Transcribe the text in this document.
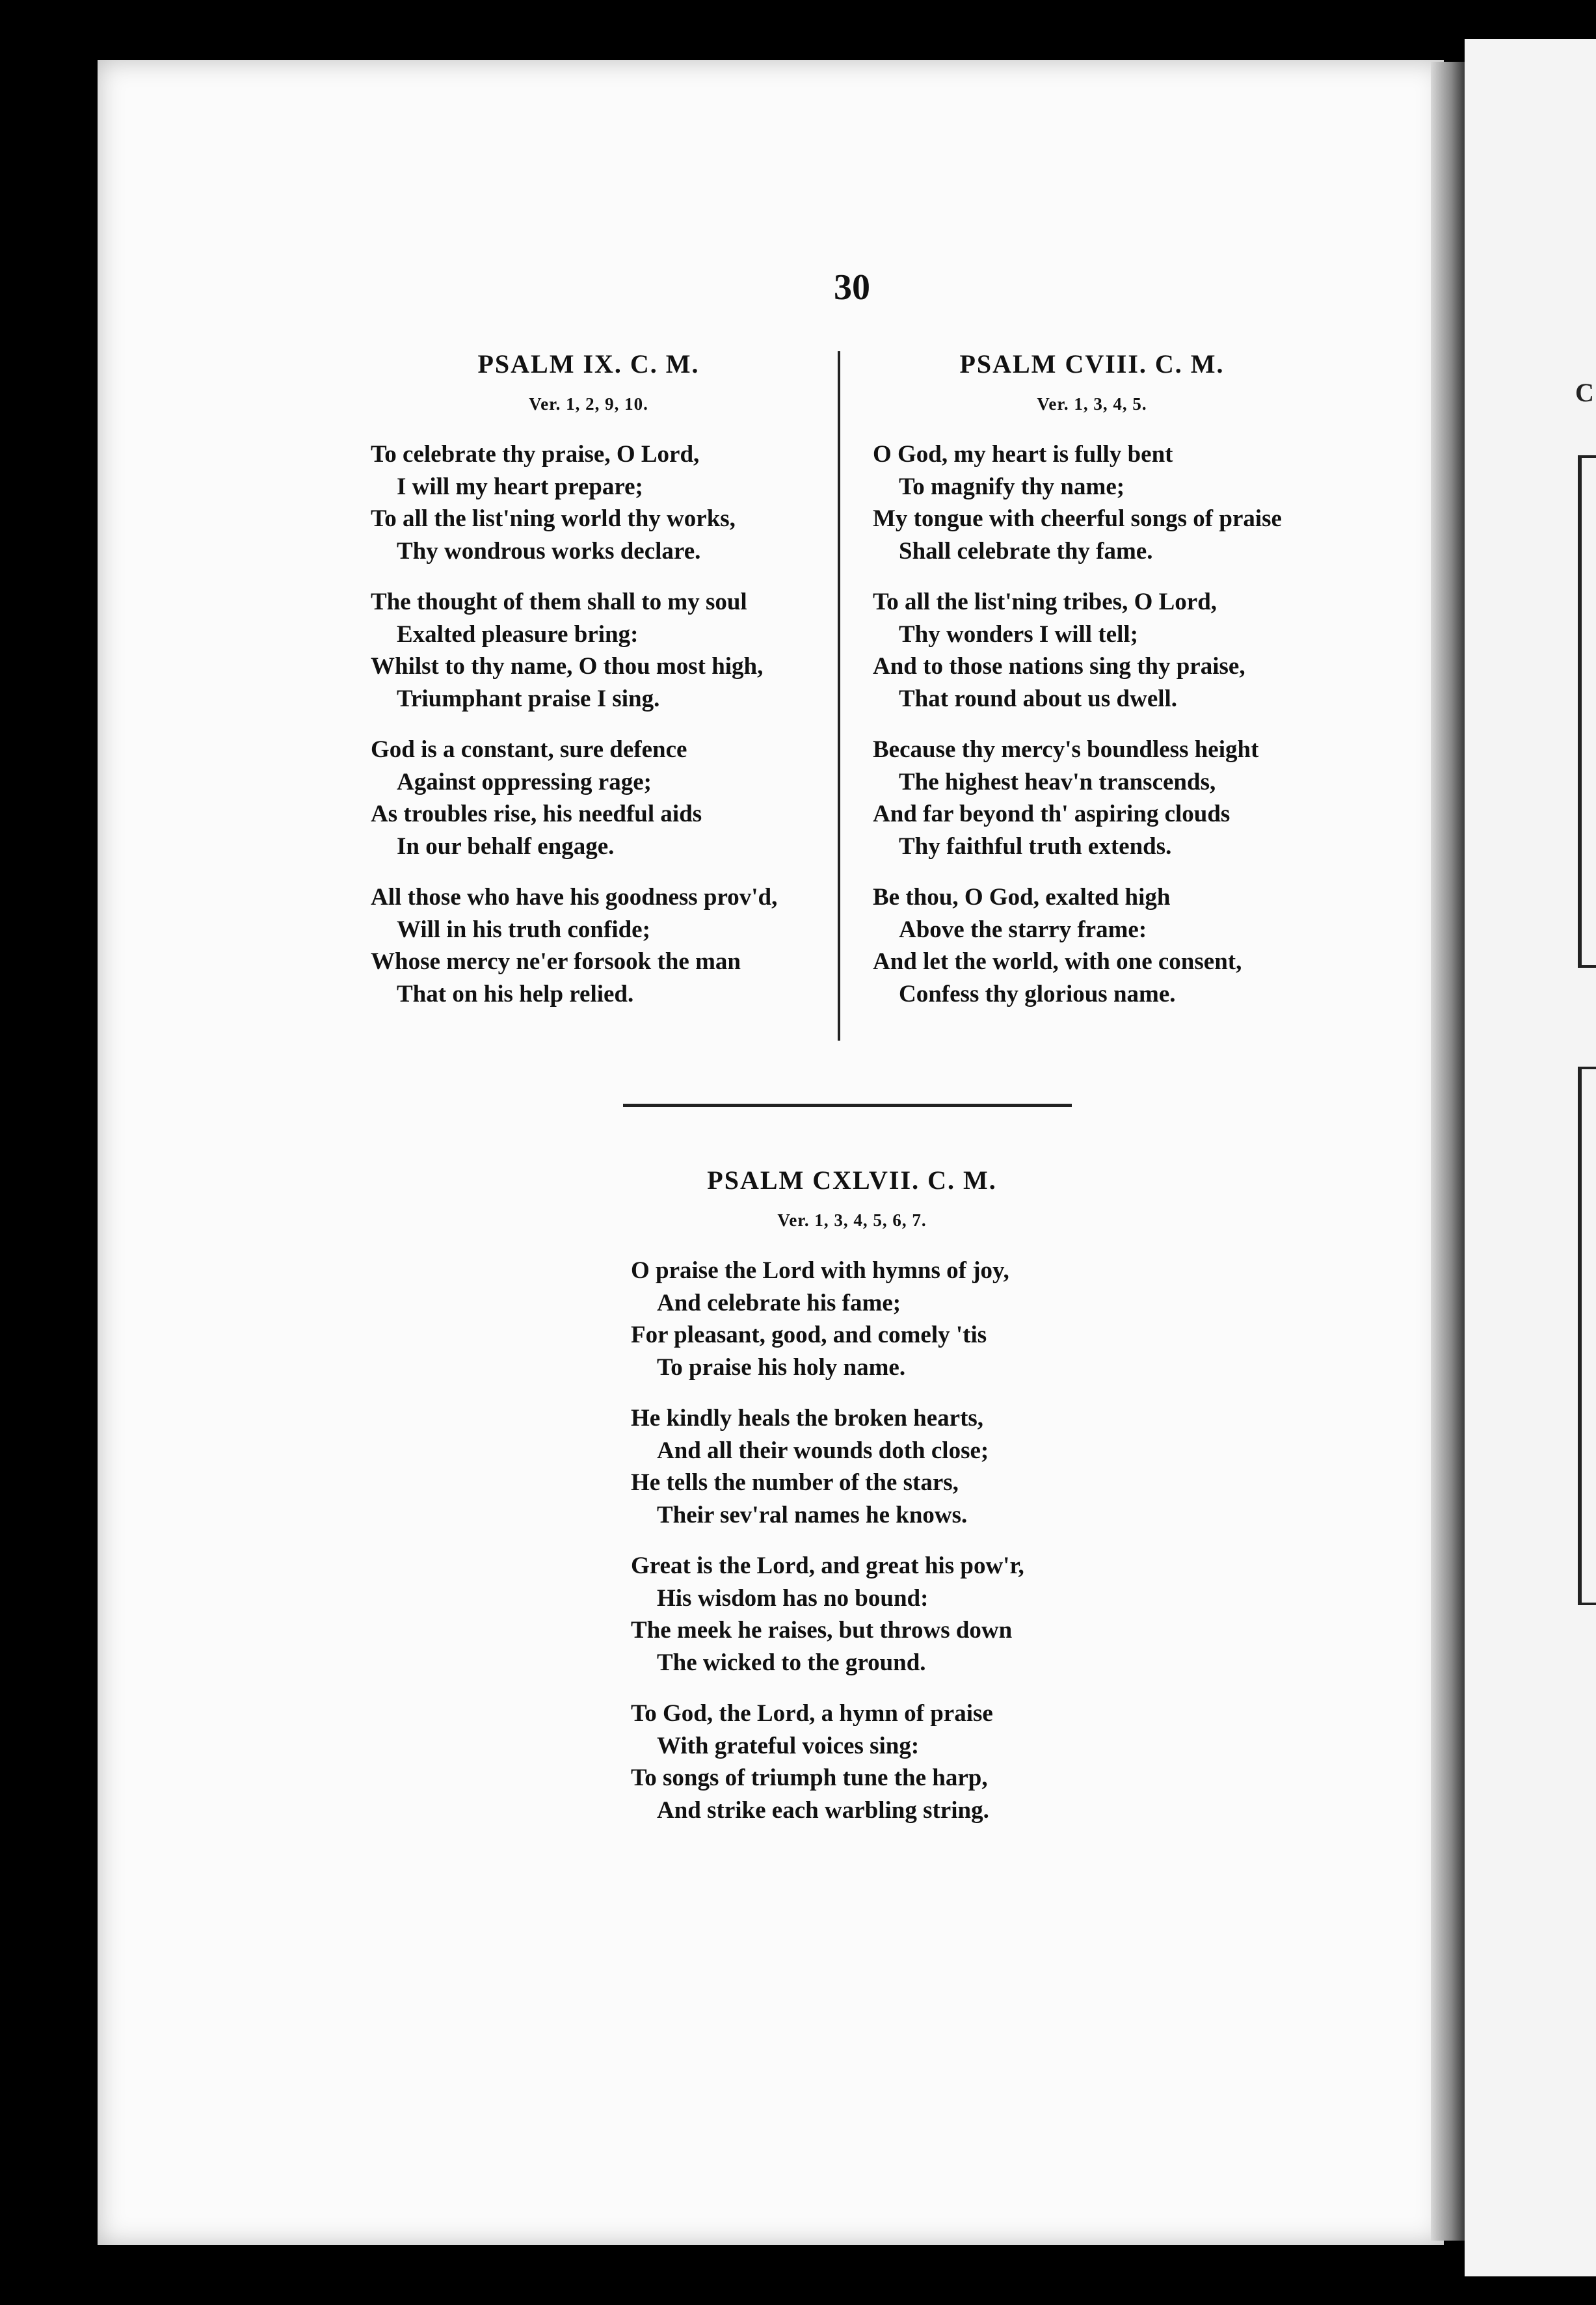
C
30
PSALM IX. C. M.
Ver. 1, 2, 9, 10.
To celebrate thy praise, O Lord,
I will my heart prepare;
To all the list'ning world thy works,
Thy wondrous works declare.
The thought of them shall to my soul
Exalted pleasure bring:
Whilst to thy name, O thou most high,
Triumphant praise I sing.
God is a constant, sure defence
Against oppressing rage;
As troubles rise, his needful aids
In our behalf engage.
All those who have his goodness prov'd,
Will in his truth confide;
Whose mercy ne'er forsook the man
That on his help relied.
PSALM CVIII. C. M.
Ver. 1, 3, 4, 5.
O God, my heart is fully bent
To magnify thy name;
My tongue with cheerful songs of praise
Shall celebrate thy fame.
To all the list'ning tribes, O Lord,
Thy wonders I will tell;
And to those nations sing thy praise,
That round about us dwell.
Because thy mercy's boundless height
The highest heav'n transcends,
And far beyond th' aspiring clouds
Thy faithful truth extends.
Be thou, O God, exalted high
Above the starry frame:
And let the world, with one consent,
Confess thy glorious name.
PSALM CXLVII. C. M.
Ver. 1, 3, 4, 5, 6, 7.
O praise the Lord with hymns of joy,
And celebrate his fame;
For pleasant, good, and comely 'tis
To praise his holy name.
He kindly heals the broken hearts,
And all their wounds doth close;
He tells the number of the stars,
Their sev'ral names he knows.
Great is the Lord, and great his pow'r,
His wisdom has no bound:
The meek he raises, but throws down
The wicked to the ground.
To God, the Lord, a hymn of praise
With grateful voices sing:
To songs of triumph tune the harp,
And strike each warbling string.
